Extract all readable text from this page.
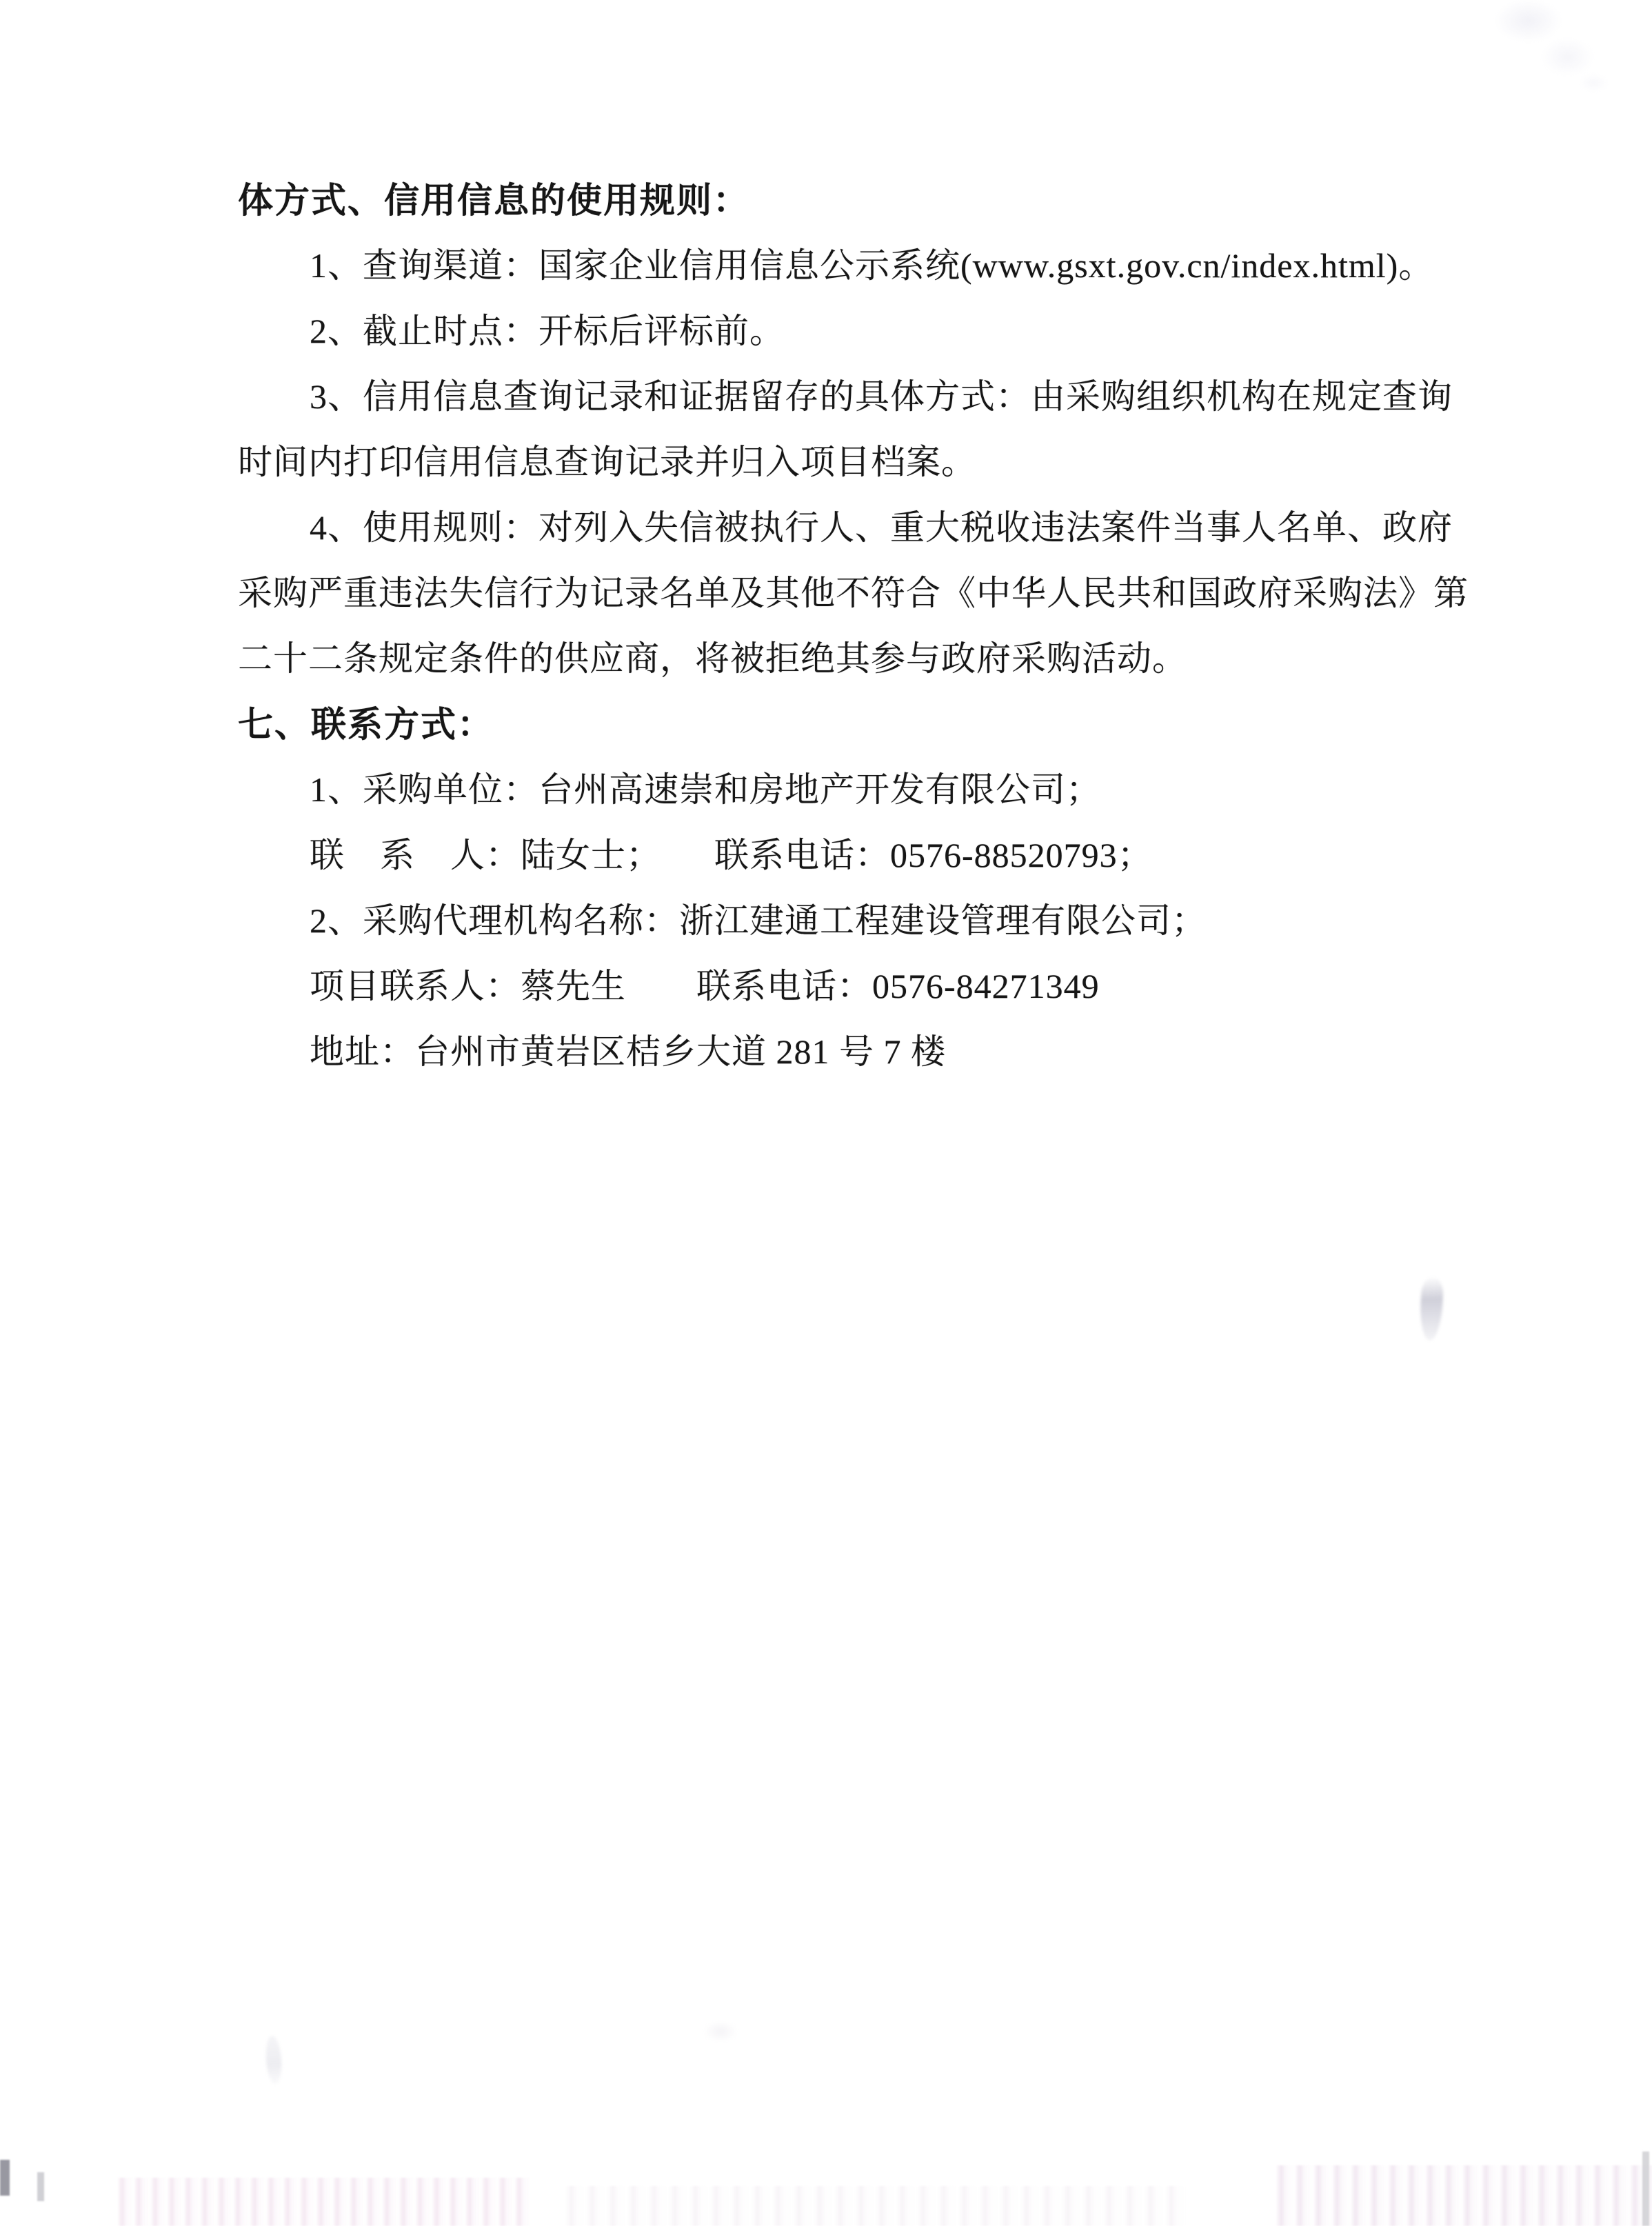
体方式、信用信息的使用规则：
1、查询渠道：国家企业信用信息公示系统(www.gsxt.gov.cn/index.html)。
2、截止时点：开标后评标前。
3、信用信息查询记录和证据留存的具体方式：由采购组织机构在规定查询
时间内打印信用信息查询记录并归入项目档案。
4、使用规则：对列入失信被执行人、重大税收违法案件当事人名单、政府
采购严重违法失信行为记录名单及其他不符合《中华人民共和国政府采购法》第
二十二条规定条件的供应商，将被拒绝其参与政府采购活动。
七、联系方式：
1、采购单位：台州高速崇和房地产开发有限公司；
联　系　人：陆女士；　　联系电话：0576-88520793；
2、采购代理机构名称：浙江建通工程建设管理有限公司；
项目联系人：蔡先生　　联系电话：0576-84271349
地址：台州市黄岩区桔乡大道 281 号 7 楼
